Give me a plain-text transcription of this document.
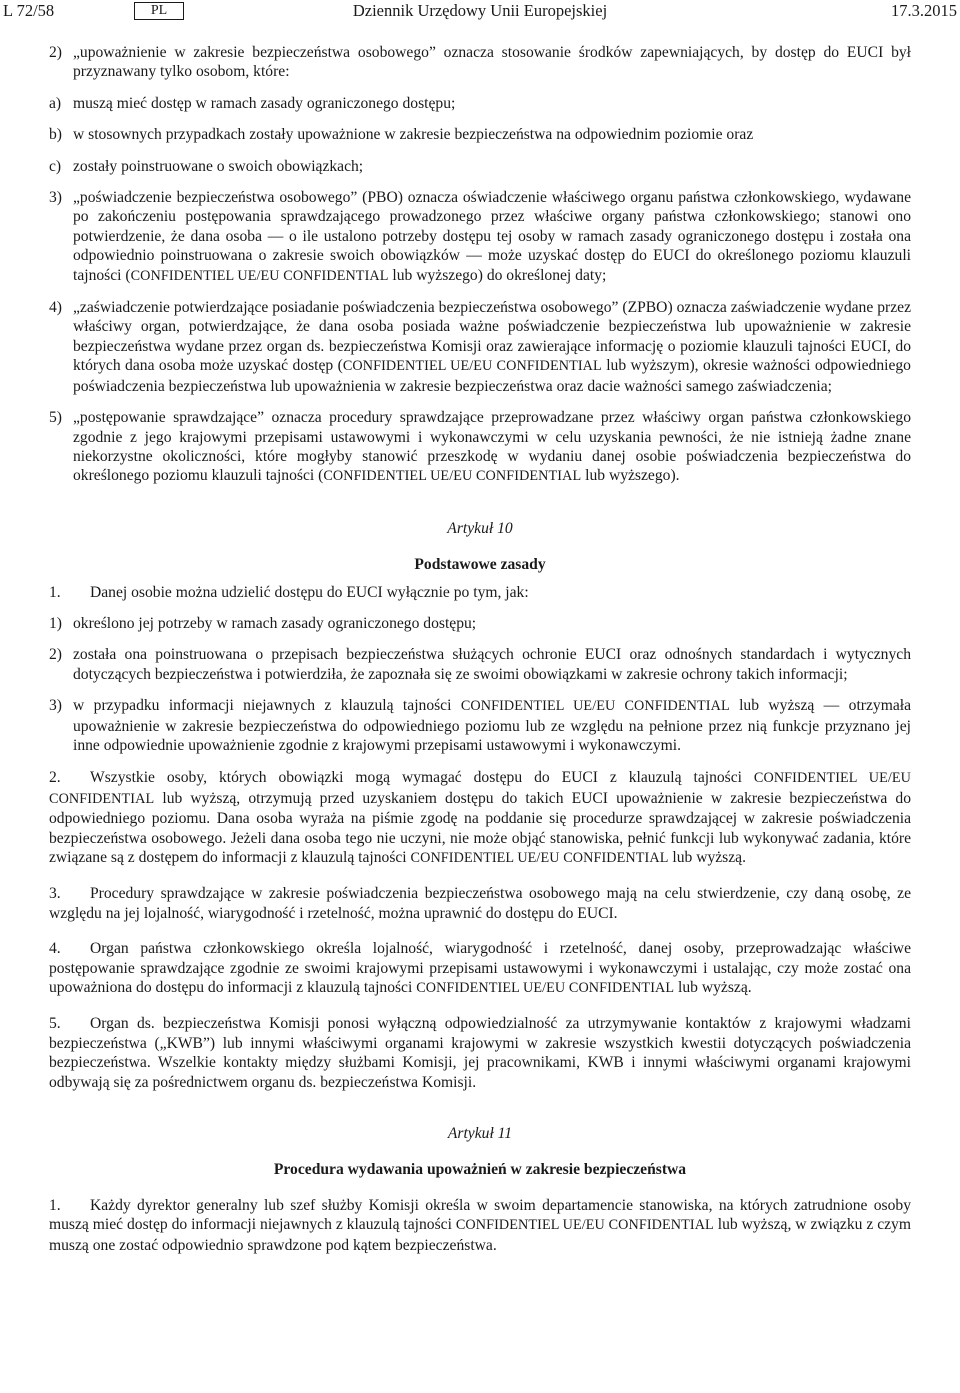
Dziennik Urzędowy Unii Europejskiej
L 72/58	PL	17.3.2015
2) „upoważnienie w zakresie bezpieczeństwa osobowego” oznacza stosowanie środków zapewniających, by dostęp do EUCI był przyznawany tylko osobom, które:
a) muszą mieć dostęp w ramach zasady ograniczonego dostępu;
b) w stosownych przypadkach zostały upoważnione w zakresie bezpieczeństwa na odpowiednim poziomie oraz
c) zostały poinstruowane o swoich obowiązkach;
3) „poświadczenie bezpieczeństwa osobowego” (PBO) oznacza oświadczenie właściwego organu państwa członkowskiego, wydawane po zakończeniu postępowania sprawdzającego prowadzonego przez właściwe organy państwa członkowskiego; stanowi ono potwierdzenie, że dana osoba — o ile ustalono potrzeby dostępu tej osoby w ramach zasady ograniczonego dostępu i została ona odpowiednio poinstruowana o zakresie swoich obowiązków — może uzyskać dostęp do EUCI do określonego poziomu klauzuli tajności (CONFIDENTIEL UE/EU CONFIDENTIAL lub wyższego) do określonej daty;
4) „zaświadczenie potwierdzające posiadanie poświadczenia bezpieczeństwa osobowego” (ZPBO) oznacza zaświadczenie wydane przez właściwy organ, potwierdzające, że dana osoba posiada ważne poświadczenie bezpieczeństwa lub upoważnienie w zakresie bezpieczeństwa wydane przez organ ds. bezpieczeństwa Komisji oraz zawierające informację o poziomie klauzuli tajności EUCI, do których dana osoba może uzyskać dostęp (CONFIDENTIEL UE/EU CONFIDENTIAL lub wyższym), okresie ważności odpowiedniego poświadczenia bezpieczeństwa lub upoważnienia w zakresie bezpieczeństwa oraz dacie ważności samego zaświadczenia;
5) „postępowanie sprawdzające” oznacza procedury sprawdzające przeprowadzane przez właściwy organ państwa członkowskiego zgodnie z jego krajowymi przepisami ustawowymi i wykonawczymi w celu uzyskania pewności, że nie istnieją żadne znane niekorzystne okoliczności, które mogłyby stanowić przeszkodę w wydaniu danej osobie poświadczenia bezpieczeństwa do określonego poziomu klauzuli tajności (CONFIDENTIEL UE/EU CONFIDENTIAL lub wyższego).

Artykuł 10

Podstawowe zasady

1.	Danej osobie można udzielić dostępu do EUCI wyłącznie po tym, jak:
1) określono jej potrzeby w ramach zasady ograniczonego dostępu;
2) została ona poinstruowana o przepisach bezpieczeństwa służących ochronie EUCI oraz odnośnych standardach i wytycznych dotyczących bezpieczeństwa i potwierdziła, że zapoznała się ze swoimi obowiązkami w zakresie ochrony takich informacji;
3) w przypadku informacji niejawnych z klauzulą tajności CONFIDENTIEL UE/EU CONFIDENTIAL lub wyższą — otrzymała upoważnienie w zakresie bezpieczeństwa do odpowiedniego poziomu lub ze względu na pełnione przez nią funkcje przyznano jej inne odpowiednie upoważnienie zgodnie z krajowymi przepisami ustawowymi i wykonawczymi.

2. Wszystkie osoby, których obowiązki mogą wymagać dostępu do EUCI z klauzulą tajności CONFIDENTIEL UE/EU CONFIDENTIAL lub wyższą, otrzymują przed uzyskaniem dostępu do takich EUCI upoważnienie w zakresie bezpieczeństwa do odpowiedniego poziomu. Dana osoba wyraża na piśmie zgodę na poddanie się procedurze sprawdzającej w zakresie poświadczenia bezpieczeństwa osobowego. Jeżeli dana osoba tego nie uczyni, nie może objąć stanowiska, pełnić funkcji lub wykonywać zadania, które związane są z dostępem do informacji z klauzulą tajności CONFIDENTIEL UE/EU CONFIDENTIAL lub wyższą.

3. Procedury sprawdzające w zakresie poświadczenia bezpieczeństwa osobowego mają na celu stwierdzenie, czy daną osobę, ze względu na jej lojalność, wiarygodność i rzetelność, można uprawnić do dostępu do EUCI.

4. Organ państwa członkowskiego określa lojalność, wiarygodność i rzetelność, danej osoby, przeprowadzając właściwe postępowanie sprawdzające zgodnie ze swoimi krajowymi przepisami ustawowymi i wykonawczymi i ustalając, czy może zostać ona upoważniona do dostępu do informacji z klauzulą tajności CONFIDENTIEL UE/EU CONFIDENTIAL lub wyższą.

5. Organ ds. bezpieczeństwa Komisji ponosi wyłączną odpowiedzialność za utrzymywanie kontaktów z krajowymi władzami bezpieczeństwa („KWB”) lub innymi właściwymi organami krajowymi w zakresie wszystkich kwestii dotyczących poświadczenia bezpieczeństwa. Wszelkie kontakty między służbami Komisji, jej pracownikami, KWB i innymi właściwymi organami krajowymi odbywają się za pośrednictwem organu ds. bezpieczeństwa Komisji.

Artykuł 11

Procedura wydawania upoważnień w zakresie bezpieczeństwa

1. Każdy dyrektor generalny lub szef służby Komisji określa w swoim departamencie stanowiska, na których zatrudnione osoby muszą mieć dostęp do informacji niejawnych z klauzulą tajności CONFIDENTIEL UE/EU CONFIDENTIAL lub wyższą, w związku z czym muszą one zostać odpowiednio sprawdzone pod kątem bezpieczeństwa.
